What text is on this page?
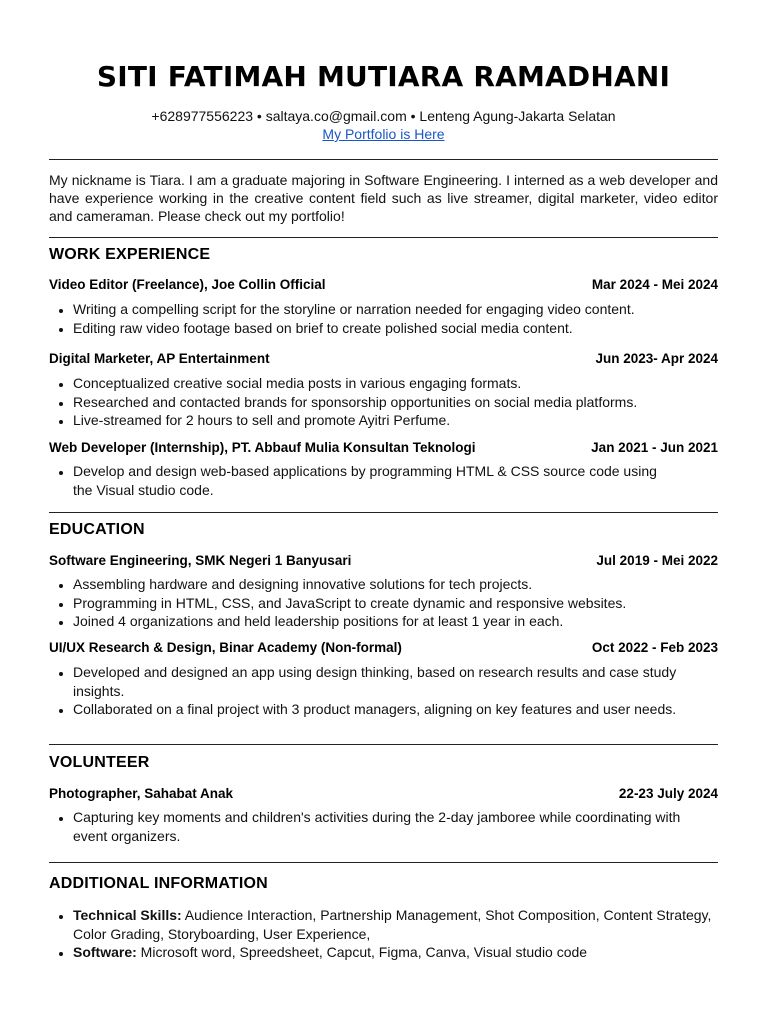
SITI FATIMAH MUTIARA RAMADHANI
+628977556223 • saltaya.co@gmail.com • Lenteng Agung-Jakarta Selatan
My Portfolio is Here
My nickname is Tiara. I am a graduate majoring in Software Engineering. I interned as a web developer and have experience working in the creative content field such as live streamer, digital marketer, video editor and cameraman. Please check out my portfolio!
WORK EXPERIENCE
Video Editor (Freelance), Joe Collin Official	Mar 2024 - Mei 2024
• Writing a compelling script for the storyline or narration needed for engaging video content.
• Editing raw video footage based on brief to create polished social media content.
Digital Marketer, AP Entertainment	Jun 2023- Apr 2024
• Conceptualized creative social media posts in various engaging formats.
• Researched and contacted brands for sponsorship opportunities on social media platforms.
• Live-streamed for 2 hours to sell and promote Ayitri Perfume.
Web Developer (Internship), PT. Abbauf Mulia Konsultan Teknologi	Jan 2021 - Jun 2021
• Develop and design web-based applications by programming HTML & CSS source code using the Visual studio code.
EDUCATION
Software Engineering, SMK Negeri 1 Banyusari	Jul 2019 - Mei 2022
• Assembling hardware and designing innovative solutions for tech projects.
• Programming in HTML, CSS, and JavaScript to create dynamic and responsive websites.
• Joined 4 organizations and held leadership positions for at least 1 year in each.
UI/UX Research & Design, Binar Academy (Non-formal)	Oct 2022 - Feb 2023
• Developed and designed an app using design thinking, based on research results and case study insights.
• Collaborated on a final project with 3 product managers, aligning on key features and user needs.
VOLUNTEER
Photographer, Sahabat Anak	22-23 July 2024
• Capturing key moments and children's activities during the 2-day jamboree while coordinating with event organizers.
ADDITIONAL INFORMATION
• Technical Skills: Audience Interaction, Partnership Management, Shot Composition, Content Strategy, Color Grading, Storyboarding, User Experience,
• Software: Microsoft word, Spreedsheet, Capcut, Figma, Canva, Visual studio code
